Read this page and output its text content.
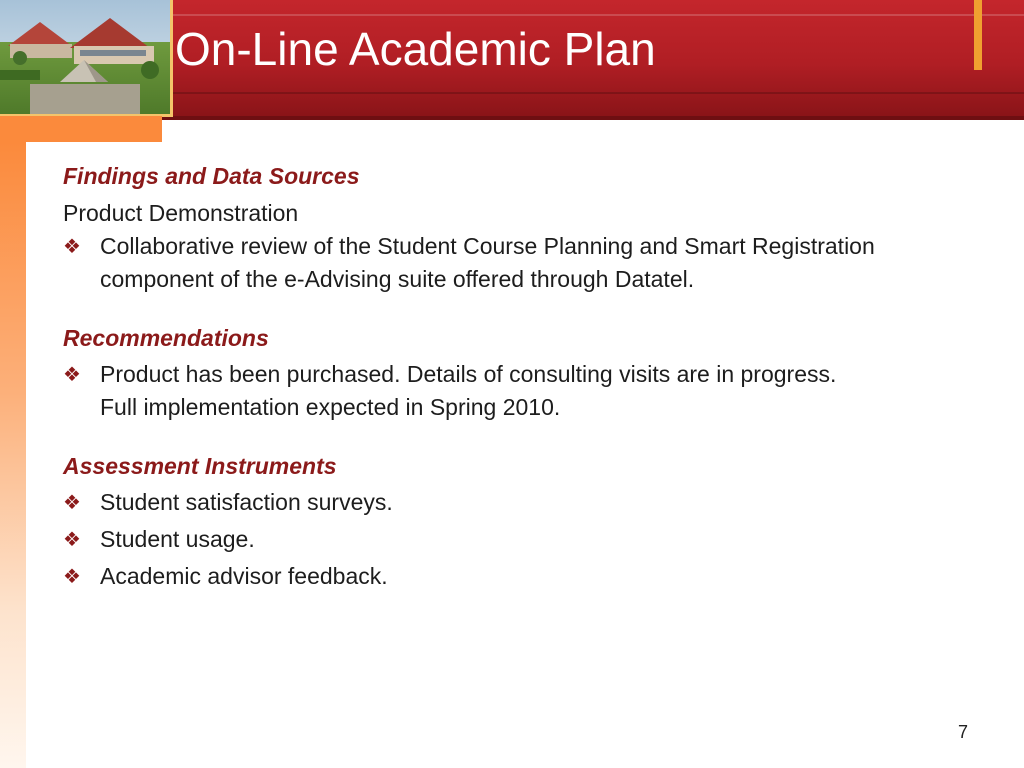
On-Line Academic Plan

Findings and Data Sources

Product Demonstration

❖ Collaborative review of the Student Course Planning and Smart Registration component of the e-Advising suite offered through Datatel.

Recommendations

❖ Product has been purchased. Details of consulting visits are in progress. Full implementation expected in Spring 2010.

Assessment Instruments

❖ Student satisfaction surveys.
❖ Student usage.
❖ Academic advisor feedback.
7
